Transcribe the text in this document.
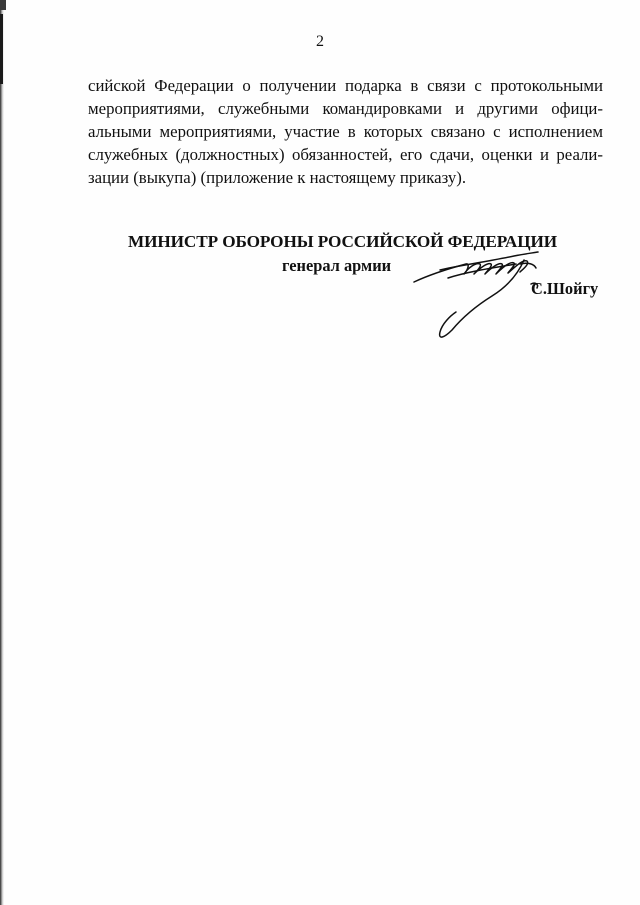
2
сийской Федерации о получении подарка в связи с протокольными
мероприятиями, служебными командировками и другими офици-
альными мероприятиями, участие в которых связано с исполнением
служебных (должностных) обязанностей, его сдачи, оценки и реали-
зации (выкупа) (приложение к настоящему приказу).
МИНИСТР ОБОРОНЫ РОССИЙСКОЙ ФЕДЕРАЦИИ
генерал армии
С.Шойгу
